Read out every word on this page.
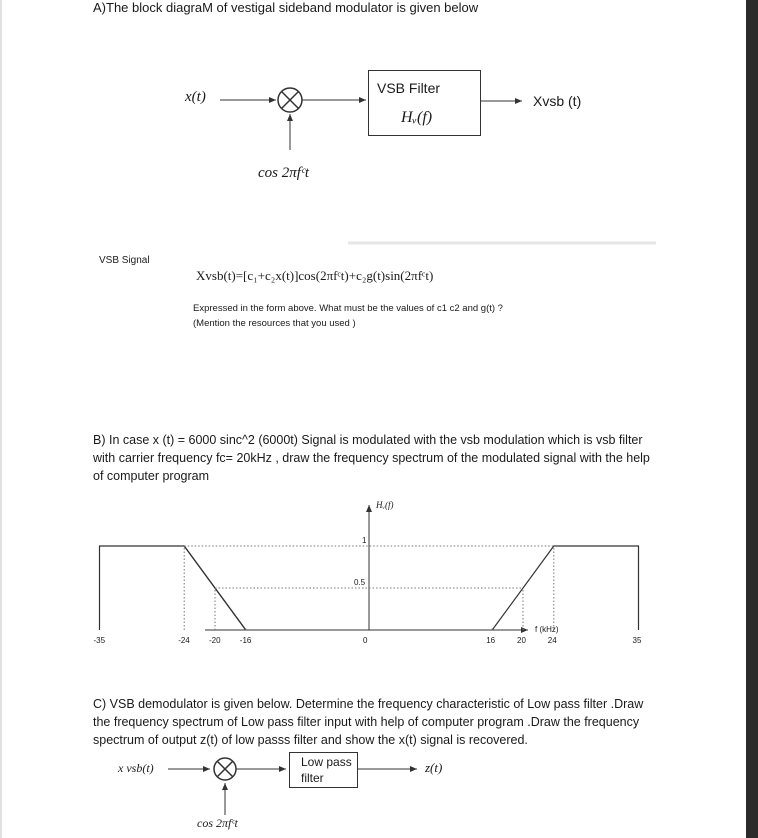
A)The block diagraM of vestigal sideband modulator is given below
x(t)
VSB Filter
Hᵥ(f)
Xvsb (t)
cos 2πfᶜt
VSB Signal
Xvsb(t)=[c₁+c₂x(t)]cos(2πfᶜt)+c₂g(t)sin(2πfᶜt)
Expressed in the form above. What must be the values of c1 c2 and g(t) ?
(Mention the resources that you used )
B) In case x (t) = 6000 sinc^2 (6000t) Signal is modulated with the vsb modulation which is vsb filter with carrier frequency fc= 20kHz , draw the frequency spectrum of the modulated signal with the help of computer program
Hᵥ(f)
f (kHz)
-35	-24 -20 -16	0	16	20	24	35
1
0.5
C) VSB demodulator is given below. Determine the frequency characteristic of Low pass filter .Draw the frequency spectrum of Low pass filter input with help of computer program .Draw the frequency spectrum of output z(t) of low passs filter and show the x(t) signal is recovered.
x vsb(t)	Low pass
filter
z(t)
cos 2πfᶜt
